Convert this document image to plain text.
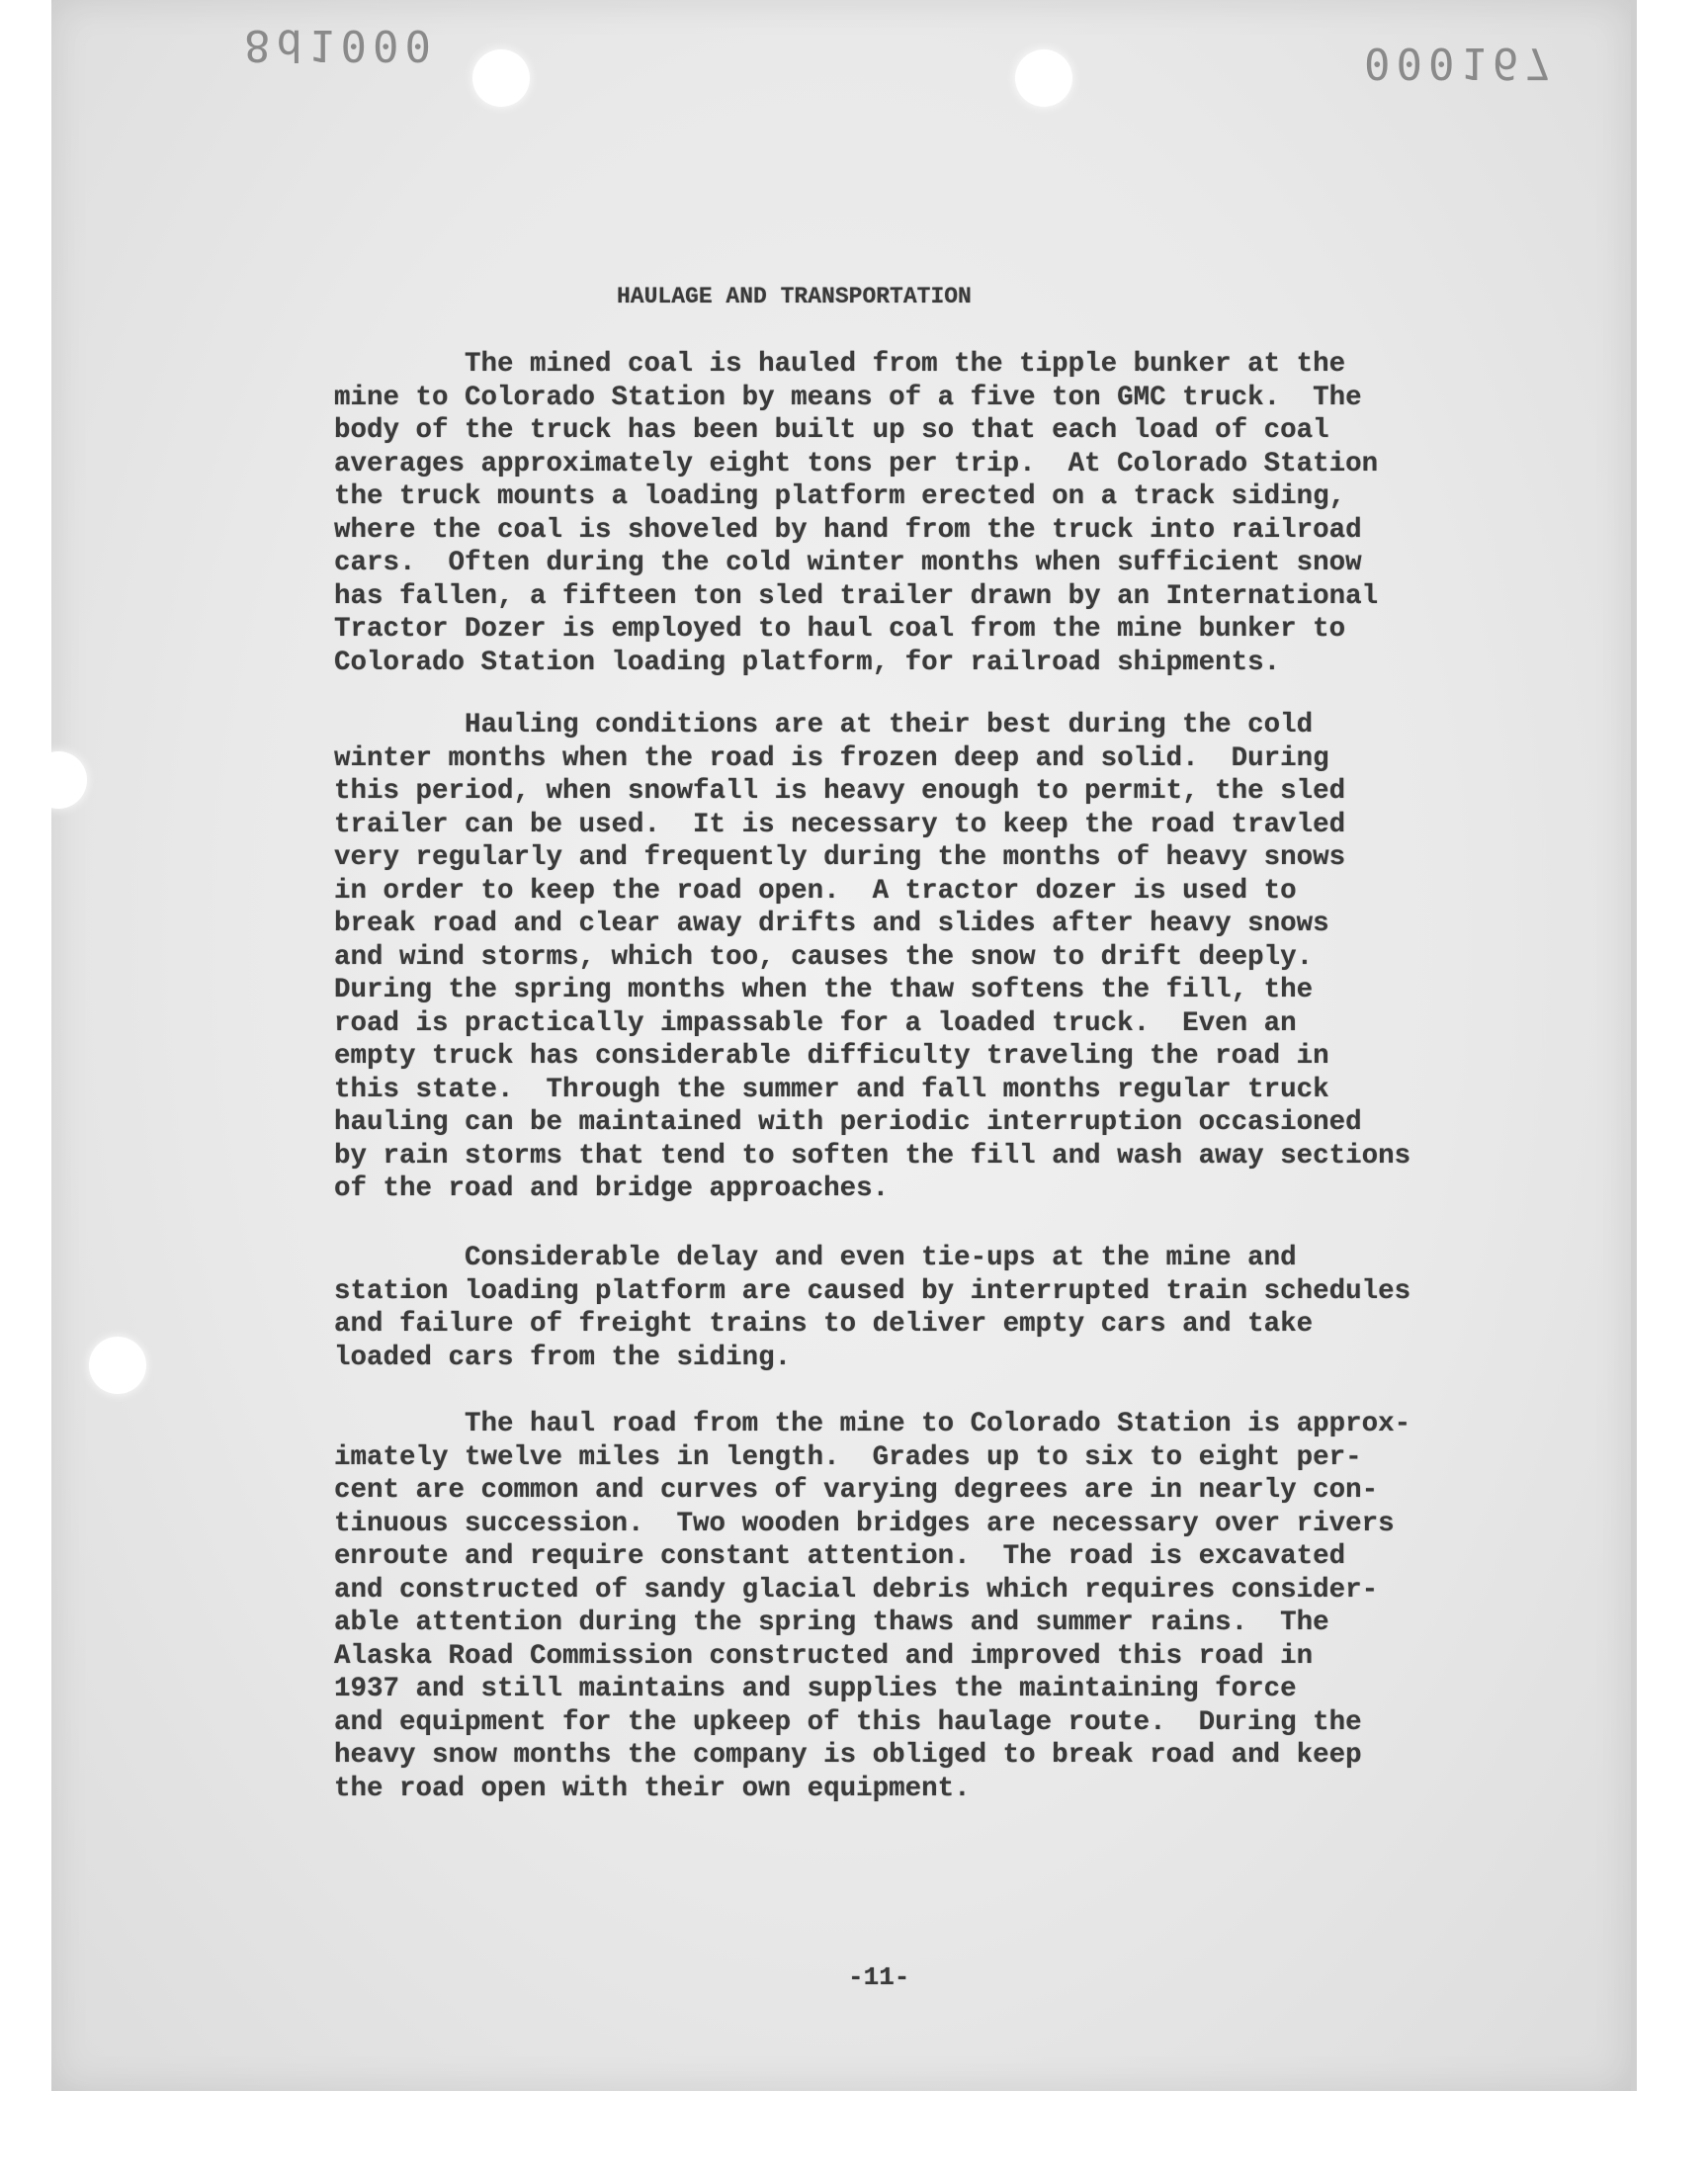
8d1000	000167
HAULAGE AND TRANSPORTATION
The mined coal is hauled from the tipple bunker at the
mine to Colorado Station by means of a five ton GMC truck.  The
body of the truck has been built up so that each load of coal
averages approximately eight tons per trip.  At Colorado Station
the truck mounts a loading platform erected on a track siding,
where the coal is shoveled by hand from the truck into railroad
cars.  Often during the cold winter months when sufficient snow
has fallen, a fifteen ton sled trailer drawn by an International
Tractor Dozer is employed to haul coal from the mine bunker to
Colorado Station loading platform, for railroad shipments.
Hauling conditions are at their best during the cold
winter months when the road is frozen deep and solid.  During
this period, when snowfall is heavy enough to permit, the sled
trailer can be used.  It is necessary to keep the road travled
very regularly and frequently during the months of heavy snows
in order to keep the road open.  A tractor dozer is used to
break road and clear away drifts and slides after heavy snows
and wind storms, which too, causes the snow to drift deeply.
During the spring months when the thaw softens the fill, the
road is practically impassable for a loaded truck.  Even an
empty truck has considerable difficulty traveling the road in
this state.  Through the summer and fall months regular truck
hauling can be maintained with periodic interruption occasioned
by rain storms that tend to soften the fill and wash away sections
of the road and bridge approaches.
Considerable delay and even tie-ups at the mine and
station loading platform are caused by interrupted train schedules
and failure of freight trains to deliver empty cars and take
loaded cars from the siding.
The haul road from the mine to Colorado Station is approx-
imately twelve miles in length.  Grades up to six to eight per-
cent are common and curves of varying degrees are in nearly con-
tinuous succession.  Two wooden bridges are necessary over rivers
enroute and require constant attention.  The road is excavated
and constructed of sandy glacial debris which requires consider-
able attention during the spring thaws and summer rains.  The
Alaska Road Commission constructed and improved this road in
1937 and still maintains and supplies the maintaining force
and equipment for the upkeep of this haulage route.  During the
heavy snow months the company is obliged to break road and keep
the road open with their own equipment.
-11-
